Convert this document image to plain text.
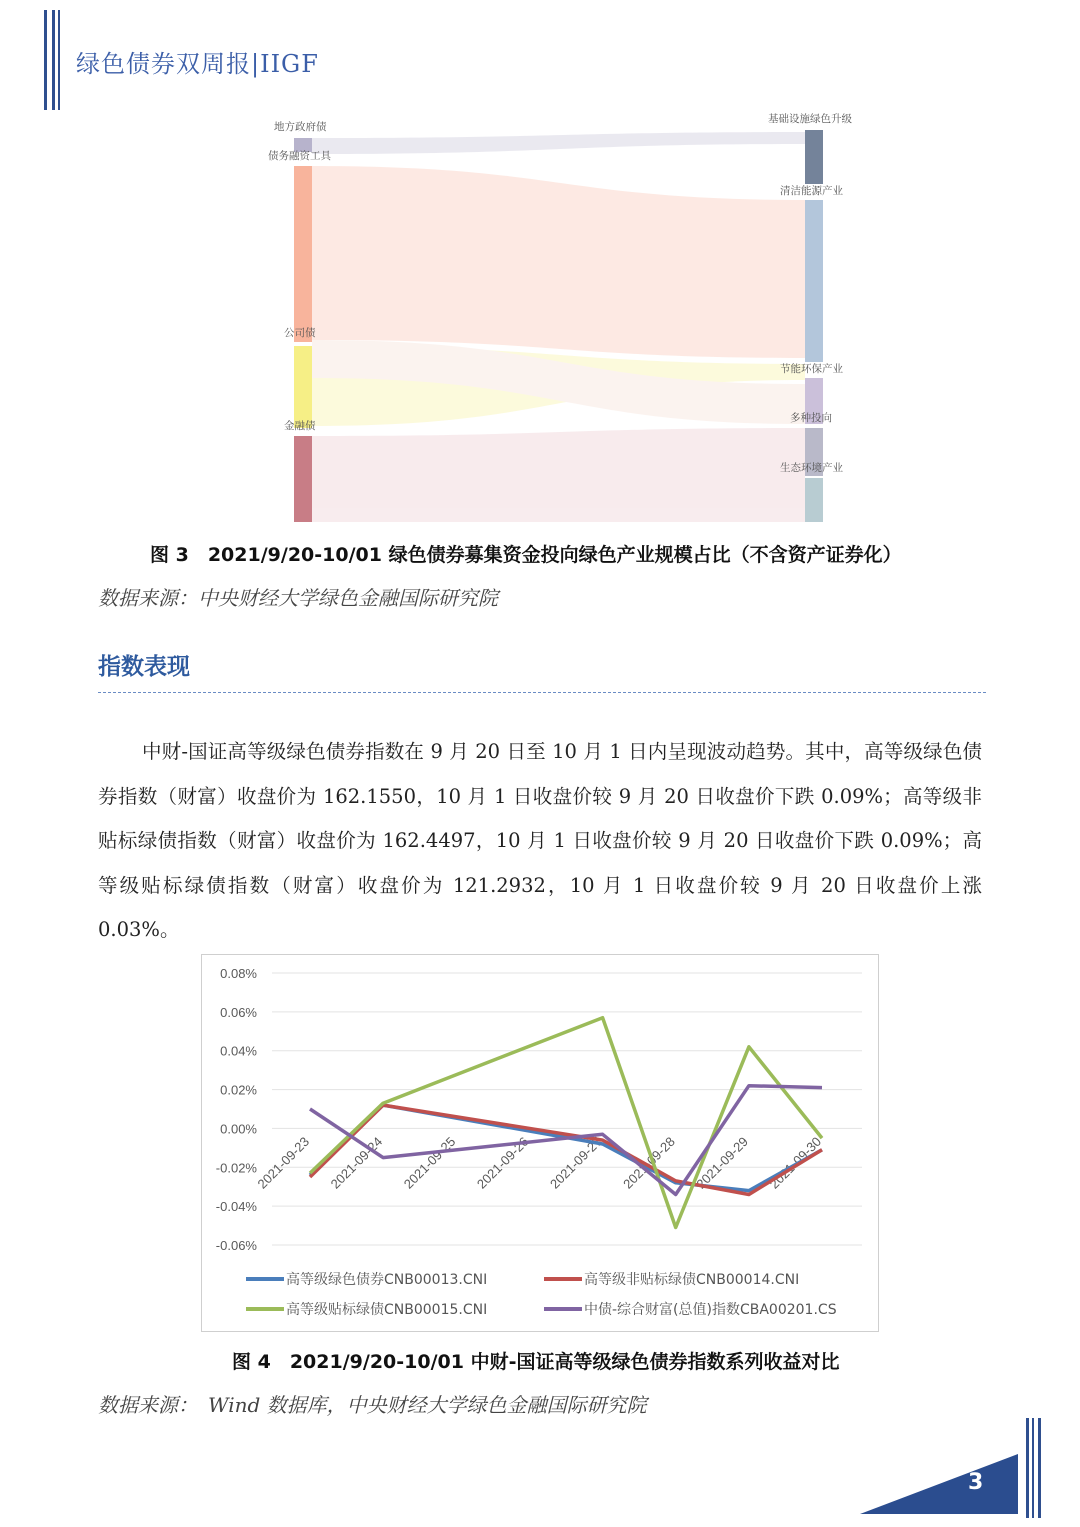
绿色债券双周报|IIGF
地方政府债
债务融资工具
公司债
金融债
基础设施绿色升级
清洁能源产业
节能环保产业
多种投向
生态环境产业
图 3　2021/9/20-10/01 绿色债券募集资金投向绿色产业规模占比（不含资产证券化）
数据来源：中央财经大学绿色金融国际研究院
指数表现
中财-国证高等级绿色债券指数在 9 月 20 日至 10 月 1 日内呈现波动趋势。其中，高等级绿色债券指数（财富）收盘价为 162.1550，10 月 1 日收盘价较 9 月 20 日收盘价下跌 0.09%；高等级非贴标绿债指数（财富）收盘价为 162.4497，10 月 1 日收盘价较 9 月 20 日收盘价下跌 0.09%；高等级贴标绿债指数（财富）收盘价为 121.2932，10 月 1 日收盘价较 9 月 20 日收盘价上涨 0.03%。
0.08%
0.06%
0.04%
0.02%
0.00%
-0.02%
-0.04%
-0.06%
2021-09-23 2021-09-24 2021-09-25 2021-09-26 2021-09-27 2021-09-28 2021-09-29 2021-09-30
高等级绿色债券CNB00013.CNI	高等级非贴标绿债CNB00014.CNI
高等级贴标绿债CNB00015.CNI	中债-综合财富(总值)指数CBA00201.CS
图 4　2021/9/20-10/01 中财-国证高等级绿色债券指数系列收益对比
数据来源：　Wind 数据库，中央财经大学绿色金融国际研究院
3
